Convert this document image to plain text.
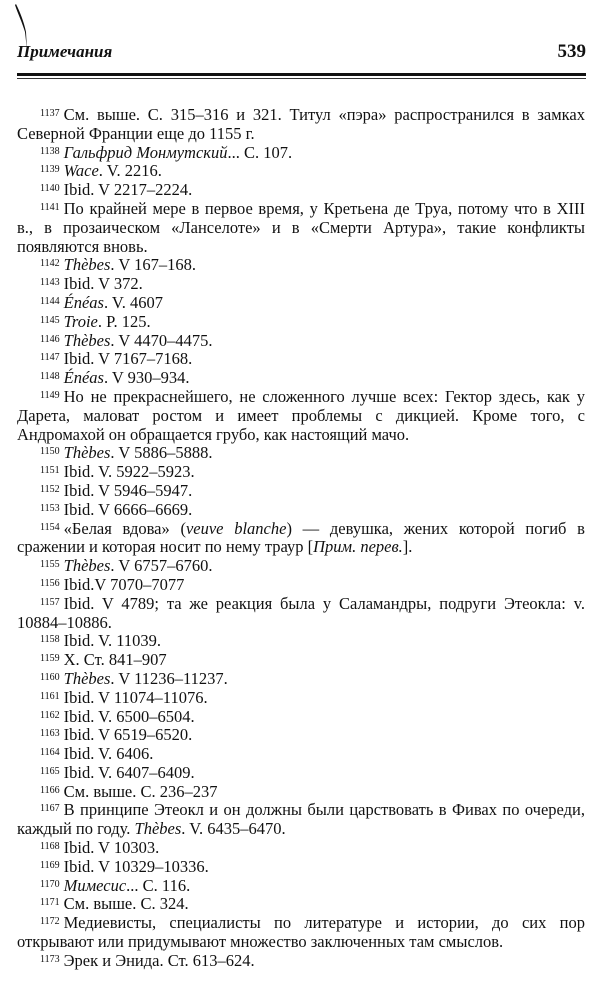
Примечания	539

$^{1137}$ См. выше. С. 315–316 и 321. Титул «пэра» распространился в замках Северной Франции еще до 1155 г.

$^{1138}$ Гальфрид Монмутский... С. 107.

$^{1139}$ Wace. V. 2216.

$^{1140}$ Ibid. V 2217–2224.

$^{1141}$ По крайней мере в первое время, у Кретьена де Труа, потому что в XIII в., в прозаическом «Ланселоте» и в «Смерти Артура», такие конфликты появляются вновь.

$^{1142}$ Thèbes. V 167–168.

$^{1143}$ Ibid. V 372.

$^{1144}$ Énéas. V. 4607

$^{1145}$ Troie. P. 125.

$^{1146}$ Thèbes. V 4470–4475.

$^{1147}$ Ibid. V 7167–7168.

$^{1148}$ Énéas. V 930–934.

$^{1149}$ Но не прекраснейшего, не сложенного лучше всех: Гектор здесь, как у Дарета, маловат ростом и имеет проблемы с дикцией. Кроме того, с Андромахой он обращается грубо, как настоящий мачо.

$^{1150}$ Thèbes. V 5886–5888.

$^{1151}$ Ibid. V. 5922–5923.

$^{1152}$ Ibid. V 5946–5947.

$^{1153}$ Ibid. V 6666–6669.

$^{1154}$ «Белая вдова» (veuve blanche) — девушка, жених которой погиб в сражении и которая носит по нему траур [Прим. перев.].

$^{1155}$ Thèbes. V 6757–6760.

$^{1156}$ Ibid.V 7070–7077

$^{1157}$ Ibid. V 4789; та же реакция была у Саламандры, подруги Этеокла: v. 10884–10886.

$^{1158}$ Ibid. V. 11039.

$^{1159}$ X. Ст. 841–907

$^{1160}$ Thèbes. V 11236–11237.

$^{1161}$ Ibid. V 11074–11076.

$^{1162}$ Ibid. V. 6500–6504.

$^{1163}$ Ibid. V 6519–6520.

$^{1164}$ Ibid. V. 6406.

$^{1165}$ Ibid. V. 6407–6409.

$^{1166}$ См. выше. С. 236–237

$^{1167}$ В принципе Этеокл и он должны были царствовать в Фивах по очереди, каждый по году. Thèbes. V. 6435–6470.

$^{1168}$ Ibid. V 10303.

$^{1169}$ Ibid. V 10329–10336.

$^{1170}$ Мимесис... С. 116.

$^{1171}$ См. выше. С. 324.

$^{1172}$ Медиевисты, специалисты по литературе и истории, до сих пор открывают или придумывают множество заключенных там смыслов.

$^{1173}$ Эрек и Энида. Ст. 613–624.
